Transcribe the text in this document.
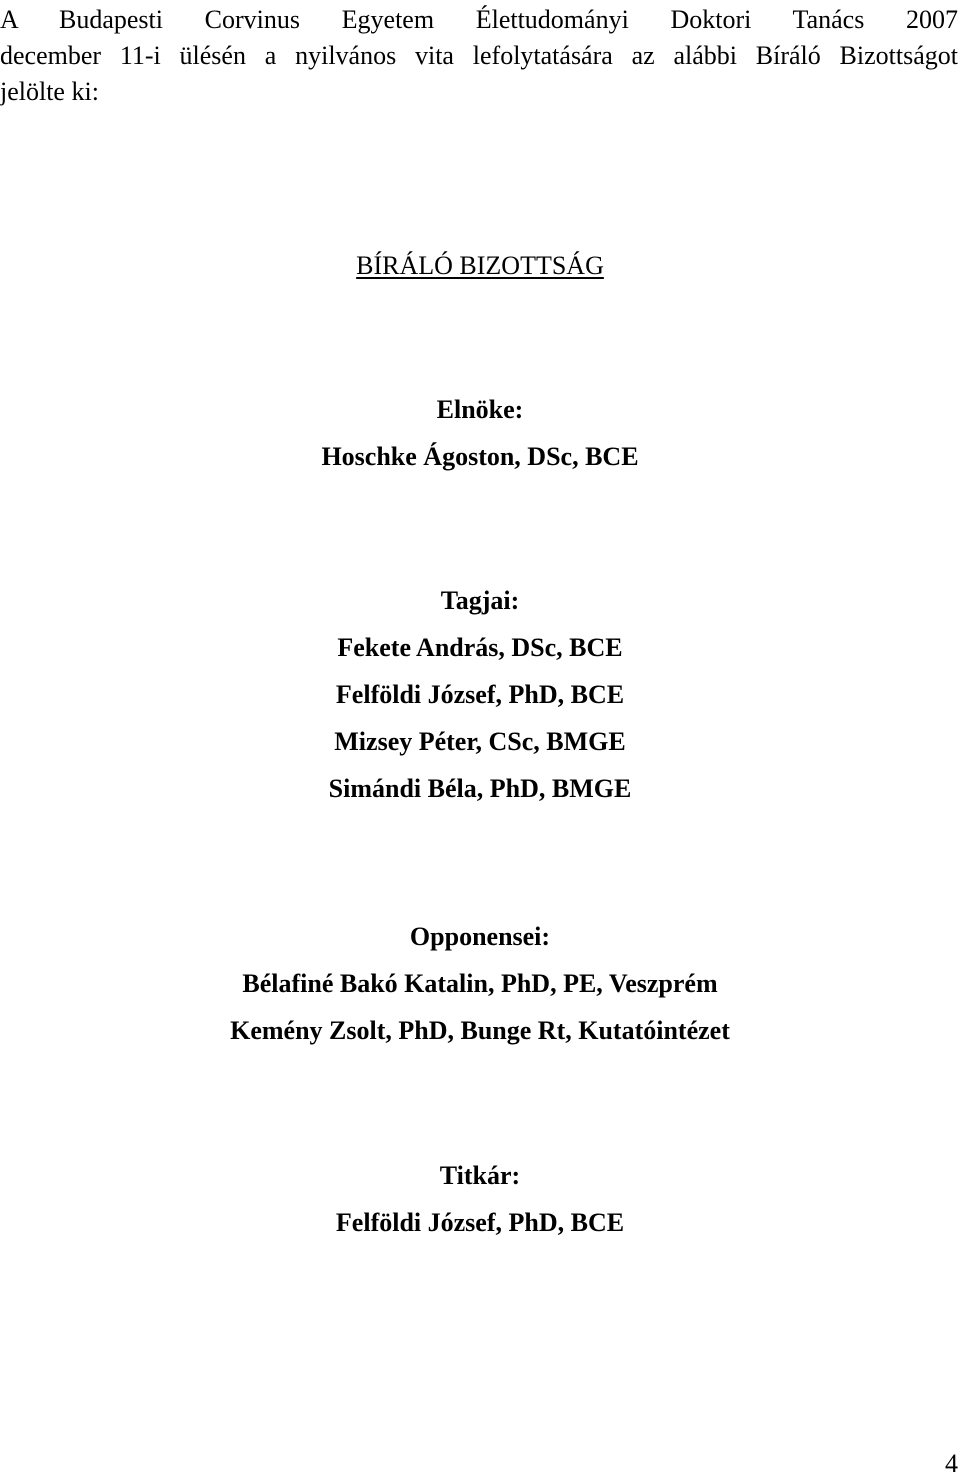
A Budapesti Corvinus Egyetem Élettudományi Doktori Tanács 2007
december 11-i ülésén a nyilvános vita lefolytatására az alábbi Bíráló Bizottságot
jelölte ki:
BÍRÁLÓ BIZOTTSÁG
Elnöke:
Hoschke Ágoston, DSc, BCE
Tagjai:
Fekete András, DSc, BCE
Felföldi József, PhD, BCE
Mizsey Péter, CSc, BMGE
Simándi Béla, PhD, BMGE
Opponensei:
Bélafiné Bakó Katalin, PhD, PE, Veszprém
Kemény Zsolt, PhD, Bunge Rt, Kutatóintézet
Titkár:
Felföldi József, PhD, BCE
4
